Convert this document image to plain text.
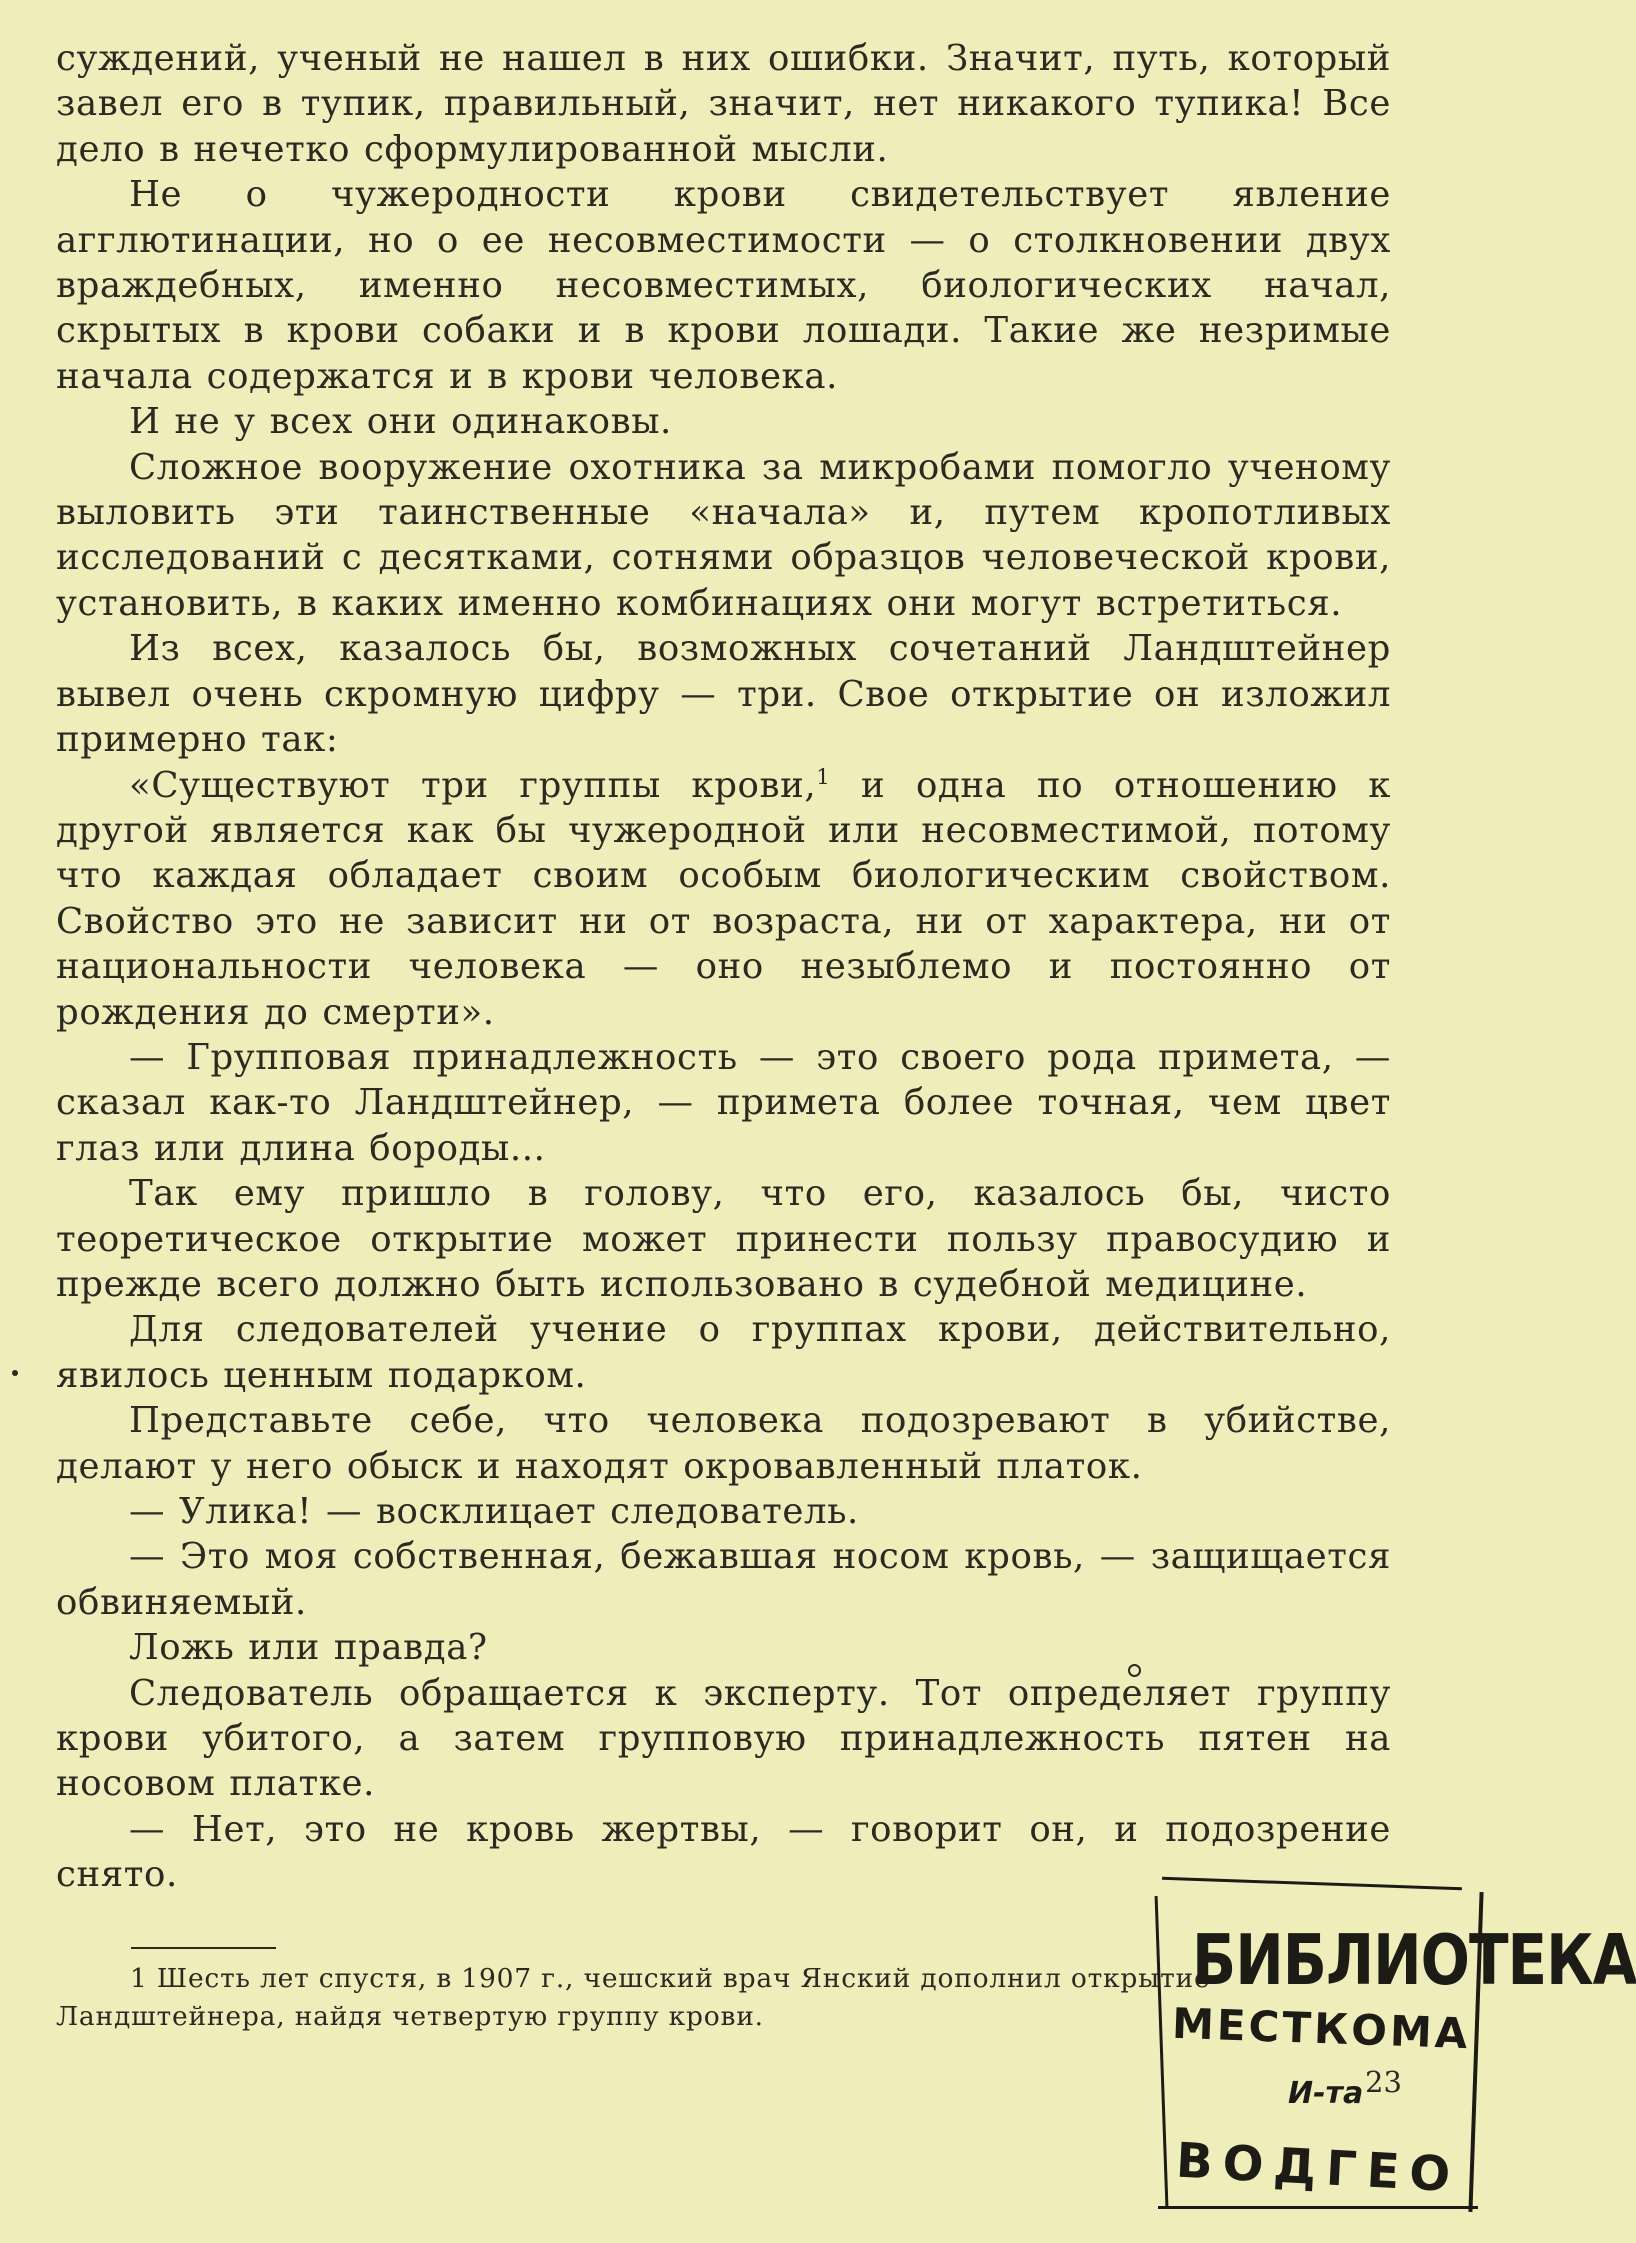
суждений, ученый не нашел в них ошибки. Значит, путь, который завел его в тупик, правильный, значит, нет никакого тупика! Все дело в нечетко сформулированной мысли.

Не о чужеродности крови свидетельствует явление агглютинации, но о ее несовместимости — о столкновении двух враждебных, именно несовместимых, биологических начал, скрытых в крови собаки и в крови лошади. Такие же незримые начала содержатся и в крови человека.

И не у всех они одинаковы.

Сложное вооружение охотника за микробами помогло ученому выловить эти таинственные «начала» и, путем кропотливых исследований с десятками, сотнями образцов человеческой крови, установить, в каких именно комбинациях они могут встретиться.

Из всех, казалось бы, возможных сочетаний Ландштейнер вывел очень скромную цифру — три. Свое открытие он изложил примерно так:

«Существуют три группы крови,$^1$ и одна по отношению к другой является как бы чужеродной или несовместимой, потому что каждая обладает своим особым биологическим свойством. Свойство это не зависит ни от возраста, ни от характера, ни от национальности человека — оно незыблемо и постоянно от рождения до смерти».

— Групповая принадлежность — это своего рода примета, — сказал как-то Ландштейнер, — примета более точная, чем цвет глаз или длина бороды...

Так ему пришло в голову, что его, казалось бы, чисто теоретическое открытие может принести пользу правосудию и прежде всего должно быть использовано в судебной медицине.

Для следователей учение о группах крови, действительно, явилось ценным подарком.

Представьте себе, что человека подозревают в убийстве, делают у него обыск и находят окровавленный платок.

— Улика! — восклицает следователь.

— Это моя собственная, бежавшая носом кровь, — защищается обвиняемый.

Ложь или правда?

Следователь обращается к эксперту. Тот определяет группу крови убитого, а затем групповую принадлежность пятен на носовом платке.

— Нет, это не кровь жертвы, — говорит он, и подозрение снято.

1 Шесть лет спустя, в 1907 г., чешский врач Янский дополнил открытие Ландштейнера, найдя четвертую группу крови.

БИБЛИОТЕКА
МЕСТКОМА
И-та
ВОДГЕО
23
